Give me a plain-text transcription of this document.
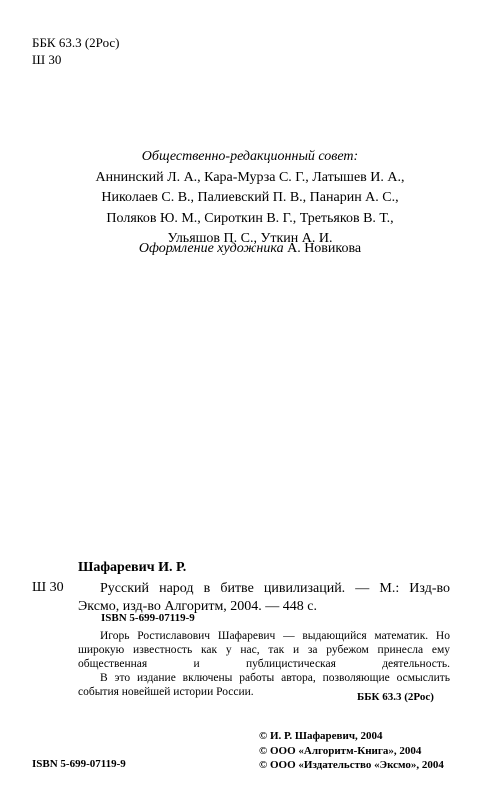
ББК 63.3 (2Рос)
Ш 30
Общественно-редакционный совет:
Аннинский Л. А., Кара-Мурза С. Г., Латышев И. А.,
Николаев С. В., Палиевский П. В., Панарин А. С.,
Поляков Ю. М., Сироткин В. Г., Третьяков В. Т.,
Ульяшов П. С., Уткин А. И.
Оформление художника А. Новикова
Шафаревич И. Р.
Ш 30	Русский народ в битве цивилизаций. — М.: Изд-во
Эксмо, изд-во Алгоритм, 2004. — 448 с.
ISBN 5-699-07119-9

Игорь Ростиславович Шафаревич — выдающийся математик. Но широкую известность как у нас, так и за рубежом принесла ему общественная и публицистическая деятельность.

В это издание включены работы автора, позволяющие осмыслить события новейшей истории России.	ББК 63.3 (2Рос)
© И. Р. Шафаревич, 2004
© ООО «Алгоритм-Книга», 2004
© ООО «Издательство «Эксмо», 2004
ISBN 5-699-07119-9
